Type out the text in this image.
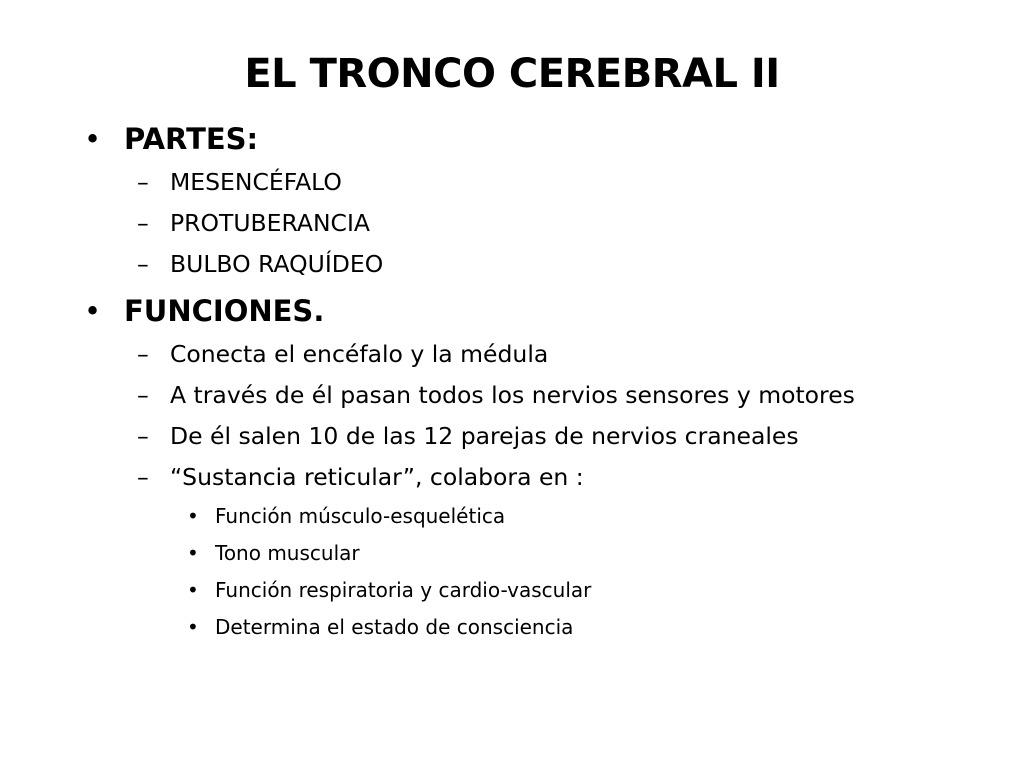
EL TRONCO CEREBRAL II
• PARTES:
– MESENCÉFALO
– PROTUBERANCIA
– BULBO RAQUÍDEO
• FUNCIONES.
– Conecta el encéfalo y la médula
– A través de él pasan todos los nervios sensores y motores
– De él salen 10 de las 12 parejas de nervios craneales
– “Sustancia reticular”, colabora en :
• Función músculo-esquelética
• Tono muscular
• Función respiratoria y cardio-vascular
• Determina el estado de consciencia
